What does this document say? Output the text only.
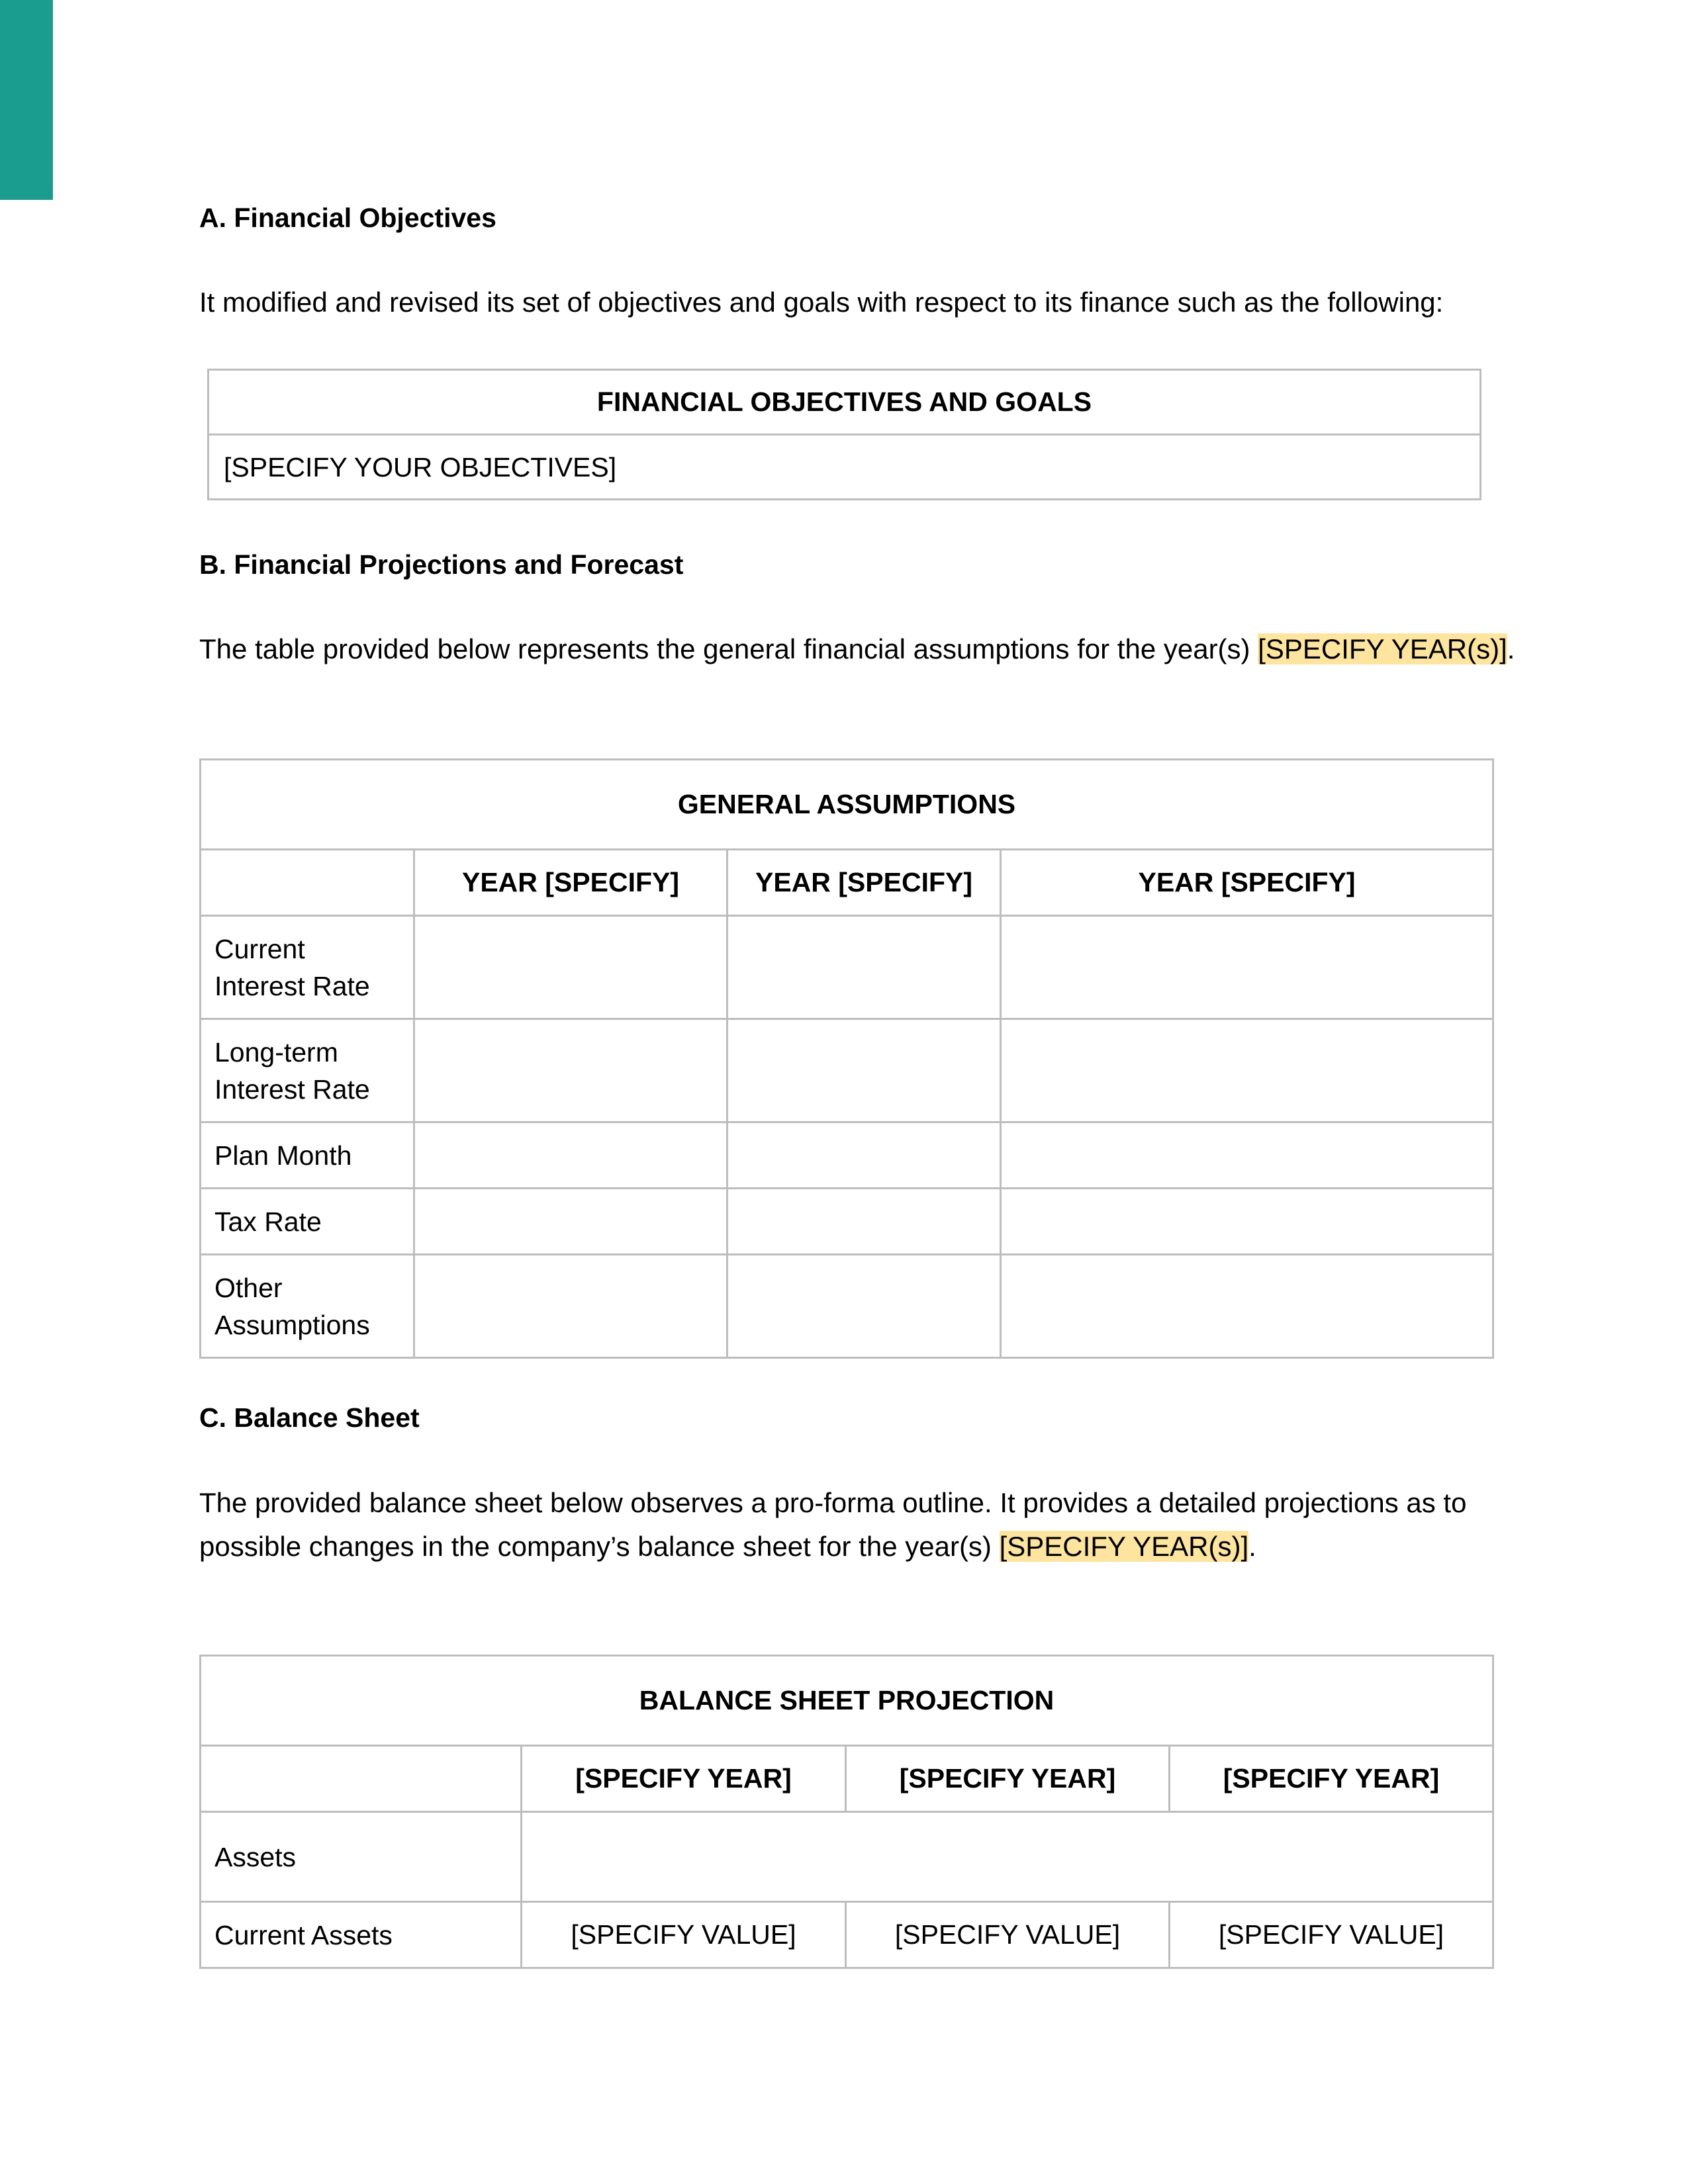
A. Financial Objectives
It modified and revised its set of objectives and goals with respect to its finance such as the following:
FINANCIAL OBJECTIVES AND GOALS
[SPECIFY YOUR OBJECTIVES]
B. Financial Projections and Forecast
The table provided below represents the general financial assumptions for the year(s) [SPECIFY YEAR(s)].
GENERAL ASSUMPTIONS			
	YEAR [SPECIFY]	YEAR [SPECIFY]	YEAR [SPECIFY]
Current Interest Rate			
Long-term Interest Rate			
Plan Month			
Tax Rate			
Other Assumptions			
C. Balance Sheet
The provided balance sheet below observes a pro-forma outline. It provides a detailed projections as to possible changes in the company’s balance sheet for the year(s) [SPECIFY YEAR(s)].
BALANCE SHEET PROJECTION			
	[SPECIFY YEAR]	[SPECIFY YEAR]	[SPECIFY YEAR]
Assets			
Current Assets	[SPECIFY VALUE]	[SPECIFY VALUE]	[SPECIFY VALUE]
